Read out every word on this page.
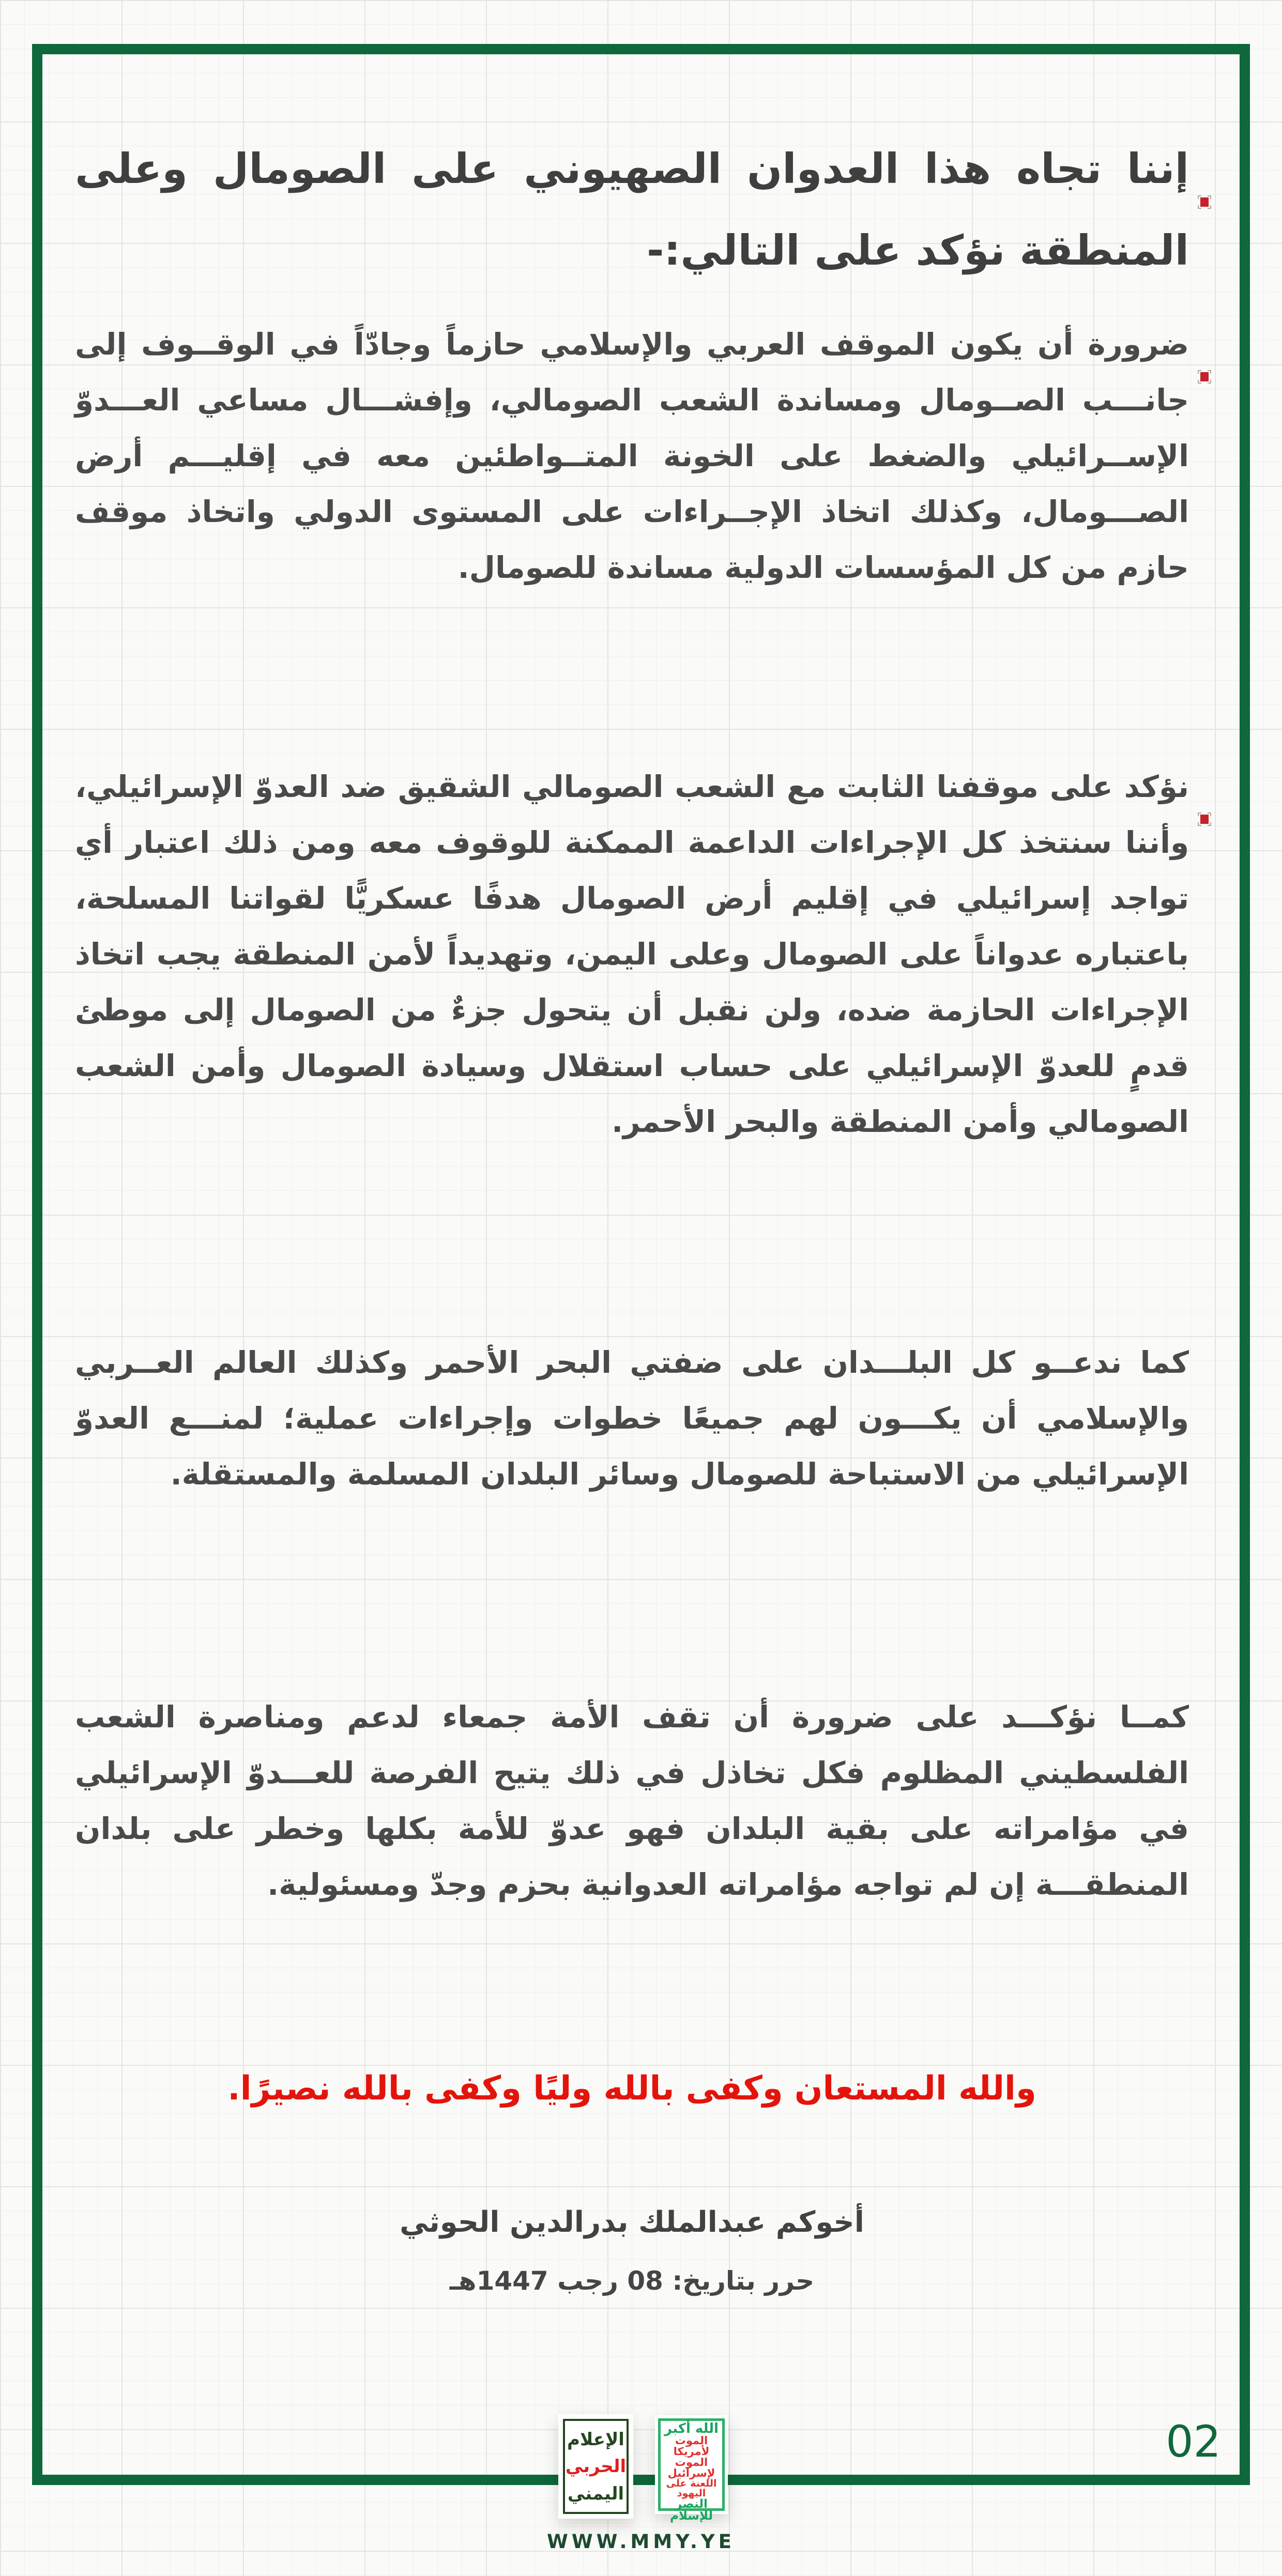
إننا تجاه هذا العدوان الصهيوني على الصومال وعلى المنطقة نؤكد على التالي:-

ضرورة أن يكون الموقف العربي والإسلامي حازماً وجادّاً في الوقــوف إلى جانـــب الصــومال ومساندة الشعب الصومالي، وإفشـــال مساعي العـــدوّ الإســرائيلي والضغط على الخونة المتــواطئين معه في إقليـــم أرض الصـــومال، وكذلك اتخاذ الإجــراءات على المستوى الدولي واتخاذ موقف حازم من كل المؤسسات الدولية مساندة للصومال.

نؤكد على موقفنا الثابت مع الشعب الصومالي الشقيق ضد العدوّ الإسرائيلي، وأننا سنتخذ كل الإجراءات الداعمة الممكنة للوقوف معه ومن ذلك اعتبار أي تواجد إسرائيلي في إقليم أرض الصومال هدفًا عسكريًّا لقواتنا المسلحة، باعتباره عدواناً على الصومال وعلى اليمن، وتهديداً لأمن المنطقة يجب اتخاذ الإجراءات الحازمة ضده، ولن نقبل أن يتحول جزءٌ من الصومال إلى موطئ قدمٍ للعدوّ الإسرائيلي على حساب استقلال وسيادة الصومال وأمن الشعب الصومالي وأمن المنطقة والبحر الأحمر.

كما ندعــو كل البلـــدان على ضفتي البحر الأحمر وكذلك العالم العــربي والإسلامي أن يكـــون لهم جميعًا خطوات وإجراءات عملية؛ لمنـــع العدوّ الإسرائيلي من الاستباحة للصومال وسائر البلدان المسلمة والمستقلة.

كمــا نؤكـــد على ضرورة أن تقف الأمة جمعاء لدعم ومناصرة الشعب الفلسطيني المظلوم فكل تخاذل في ذلك يتيح الفرصة للعـــدوّ الإسرائيلي في مؤامراته على بقية البلدان فهو عدوّ للأمة بكلها وخطر على بلدان المنطقـــة إن لم تواجه مؤامراته العدوانية بحزم وجدّ ومسئولية.

والله المستعان وكفى بالله وليًا وكفى بالله نصيرًا.

أخوكم عبدالملك بدرالدين الحوثي

حرر بتاريخ: 08 رجب 1447هـ

الإعلام
الحربي
اليمني
الله أكبر
الموت لأمريكا
الموت لإسرائيل
اللعنة على اليهود
النصر للإسلام
WWW.MMY.YE
02
